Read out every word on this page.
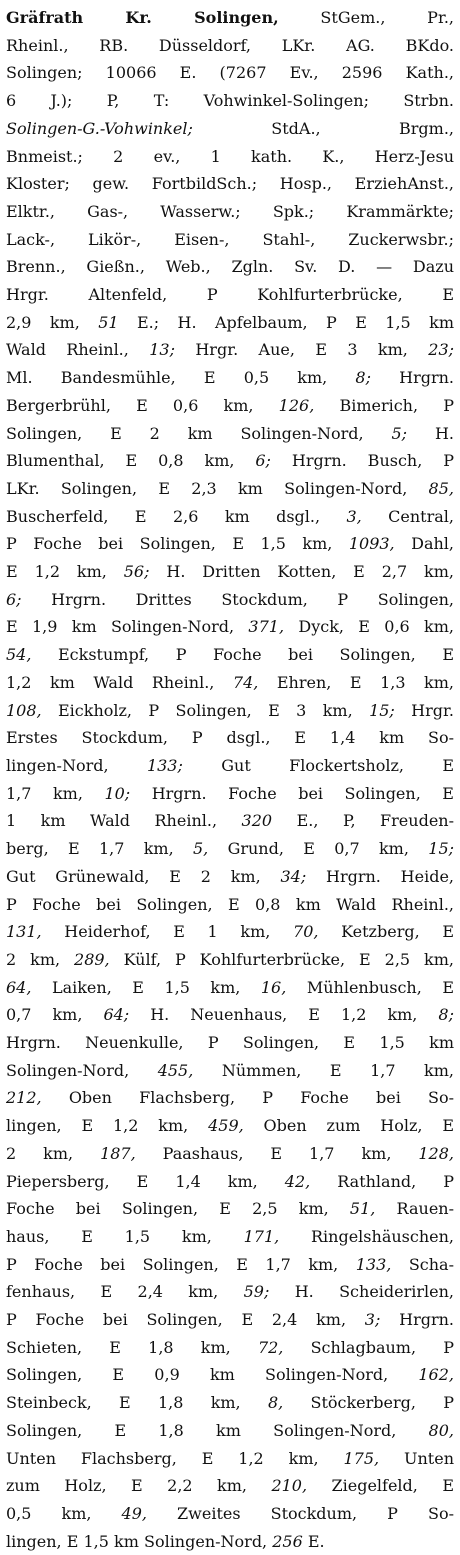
Gräfrath Kr. Solingen, StGem., Pr.,
Rheinl., RB. Düsseldorf, LKr. AG. BKdo.
Solingen; 10066 E. (7267 Ev., 2596 Kath.,
6 J.); P, T: Vohwinkel-Solingen; Strbn.
Solingen-G.-Vohwinkel; StdA., Brgm.,
Bnmeist.; 2 ev., 1 kath. K., Herz-Jesu
Kloster; gew. FortbildSch.; Hosp., ErziehAnst.,
Elktr., Gas-, Wasserw.; Spk.; Krammärkte;
Lack-, Likör-, Eisen-, Stahl-, Zuckerwsbr.;
Brenn., Gießn., Web., Zgln. Sv. D. — Dazu
Hrgr. Altenfeld, P Kohlfurterbrücke, E
2,9 km, 51 E.; H. Apfelbaum, P E 1,5 km
Wald Rheinl., 13; Hrgr. Aue, E 3 km, 23;
Ml. Bandesmühle, E 0,5 km, 8; Hrgrn.
Bergerbrühl, E 0,6 km, 126, Bimerich, P
Solingen, E 2 km Solingen-Nord, 5; H.
Blumenthal, E 0,8 km, 6; Hrgrn. Busch, P
LKr. Solingen, E 2,3 km Solingen-Nord, 85,
Buscherfeld, E 2,6 km dsgl., 3, Central,
P Foche bei Solingen, E 1,5 km, 1093, Dahl,
E 1,2 km, 56; H. Dritten Kotten, E 2,7 km,
6; Hrgrn. Drittes Stockdum, P Solingen,
E 1,9 km Solingen-Nord, 371, Dyck, E 0,6 km,
54, Eckstumpf, P Foche bei Solingen, E
1,2 km Wald Rheinl., 74, Ehren, E 1,3 km,
108, Eickholz, P Solingen, E 3 km, 15; Hrgr.
Erstes Stockdum, P dsgl., E 1,4 km So-
lingen-Nord, 133; Gut Flockertsholz, E
1,7 km, 10; Hrgrn. Foche bei Solingen, E
1 km Wald Rheinl., 320 E., P, Freuden-
berg, E 1,7 km, 5, Grund, E 0,7 km, 15;
Gut Grünewald, E 2 km, 34; Hrgrn. Heide,
P Foche bei Solingen, E 0,8 km Wald Rheinl.,
131, Heiderhof, E 1 km, 70, Ketzberg, E
2 km, 289, Külf, P Kohlfurterbrücke, E 2,5 km,
64, Laiken, E 1,5 km, 16, Mühlenbusch, E
0,7 km, 64; H. Neuenhaus, E 1,2 km, 8;
Hrgrn. Neuenkulle, P Solingen, E 1,5 km
Solingen-Nord, 455, Nümmen, E 1,7 km,
212, Oben Flachsberg, P Foche bei So-
lingen, E 1,2 km, 459, Oben zum Holz, E
2 km, 187, Paashaus, E 1,7 km, 128,
Piepersberg, E 1,4 km, 42, Rathland, P
Foche bei Solingen, E 2,5 km, 51, Rauen-
haus, E 1,5 km, 171, Ringelshäuschen,
P Foche bei Solingen, E 1,7 km, 133, Scha-
fenhaus, E 2,4 km, 59; H. Scheiderirlen,
P Foche bei Solingen, E 2,4 km, 3; Hrgrn.
Schieten, E 1,8 km, 72, Schlagbaum, P
Solingen, E 0,9 km Solingen-Nord, 162,
Steinbeck, E 1,8 km, 8, Stöckerberg, P
Solingen, E 1,8 km Solingen-Nord, 80,
Unten Flachsberg, E 1,2 km, 175, Unten
zum Holz, E 2,2 km, 210, Ziegelfeld, E
0,5 km, 49, Zweites Stockdum, P So-
lingen, E 1,5 km Solingen-Nord, 256 E.
